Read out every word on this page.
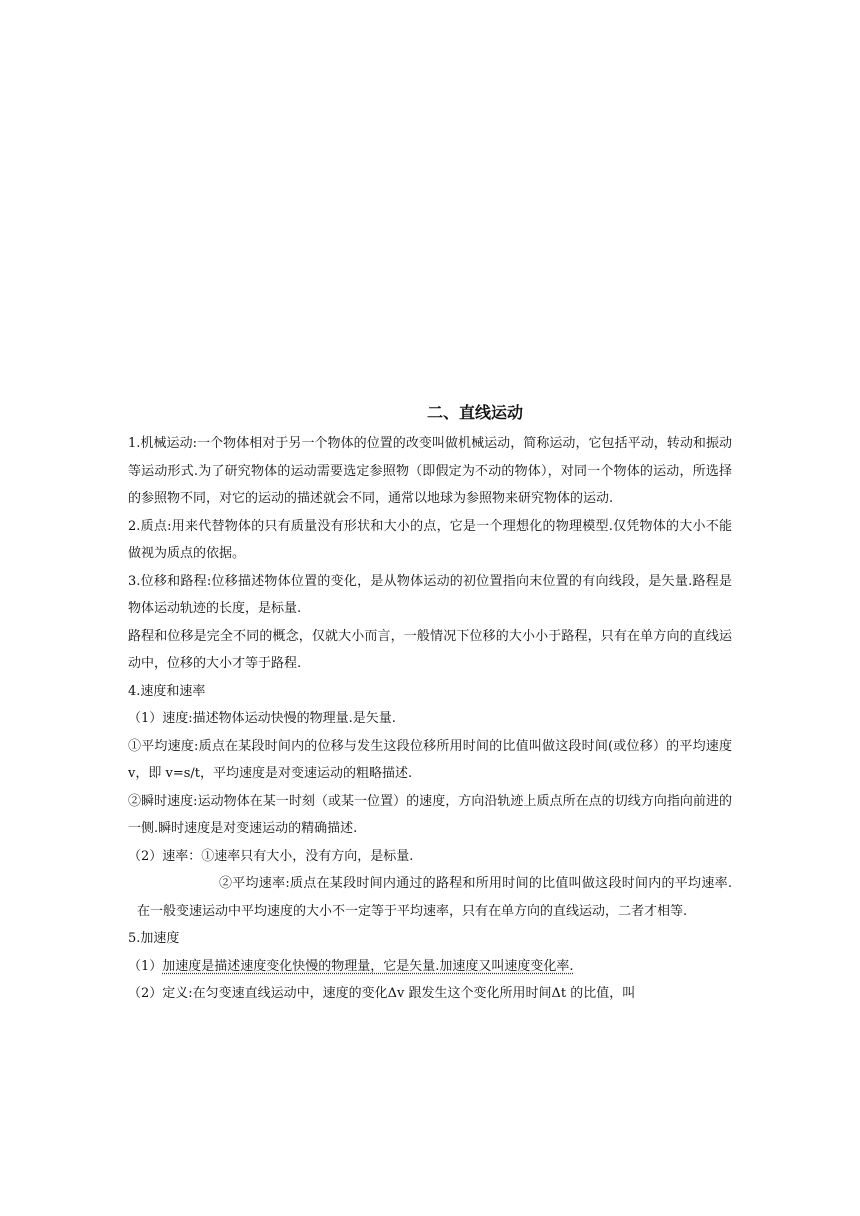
二、直线运动

1.机械运动:一个物体相对于另一个物体的位置的改变叫做机械运动，简称运动，它包括平动，转动和振动等运动形式.为了研究物体的运动需要选定参照物（即假定为不动的物体），对同一个物体的运动，所选择的参照物不同，对它的运动的描述就会不同，通常以地球为参照物来研究物体的运动.

2.质点:用来代替物体的只有质量没有形状和大小的点，它是一个理想化的物理模型.仅凭物体的大小不能做视为质点的依据。

3.位移和路程:位移描述物体位置的变化，是从物体运动的初位置指向末位置的有向线段，是矢量.路程是物体运动轨迹的长度，是标量.

路程和位移是完全不同的概念，仅就大小而言，一般情况下位移的大小小于路程，只有在单方向的直线运动中，位移的大小才等于路程.

4.速度和速率

（1）速度:描述物体运动快慢的物理量.是矢量.

①平均速度:质点在某段时间内的位移与发生这段位移所用时间的比值叫做这段时间(或位移）的平均速度 v，即 v=s/t，平均速度是对变速运动的粗略描述.

②瞬时速度:运动物体在某一时刻（或某一位置）的速度，方向沿轨迹上质点所在点的切线方向指向前进的一侧.瞬时速度是对变速运动的精确描述.

（2）速率：①速率只有大小，没有方向，是标量.

②平均速率:质点在某段时间内通过的路程和所用时间的比值叫做这段时间内的平均速率.在一般变速运动中平均速度的大小不一定等于平均速率，只有在单方向的直线运动，二者才相等.

5.加速度

（1）加速度是描述速度变化快慢的物理量，它是矢量.加速度又叫速度变化率.

（2）定义:在匀变速直线运动中，速度的变化Δv 跟发生这个变化所用时间Δt 的比值，叫
